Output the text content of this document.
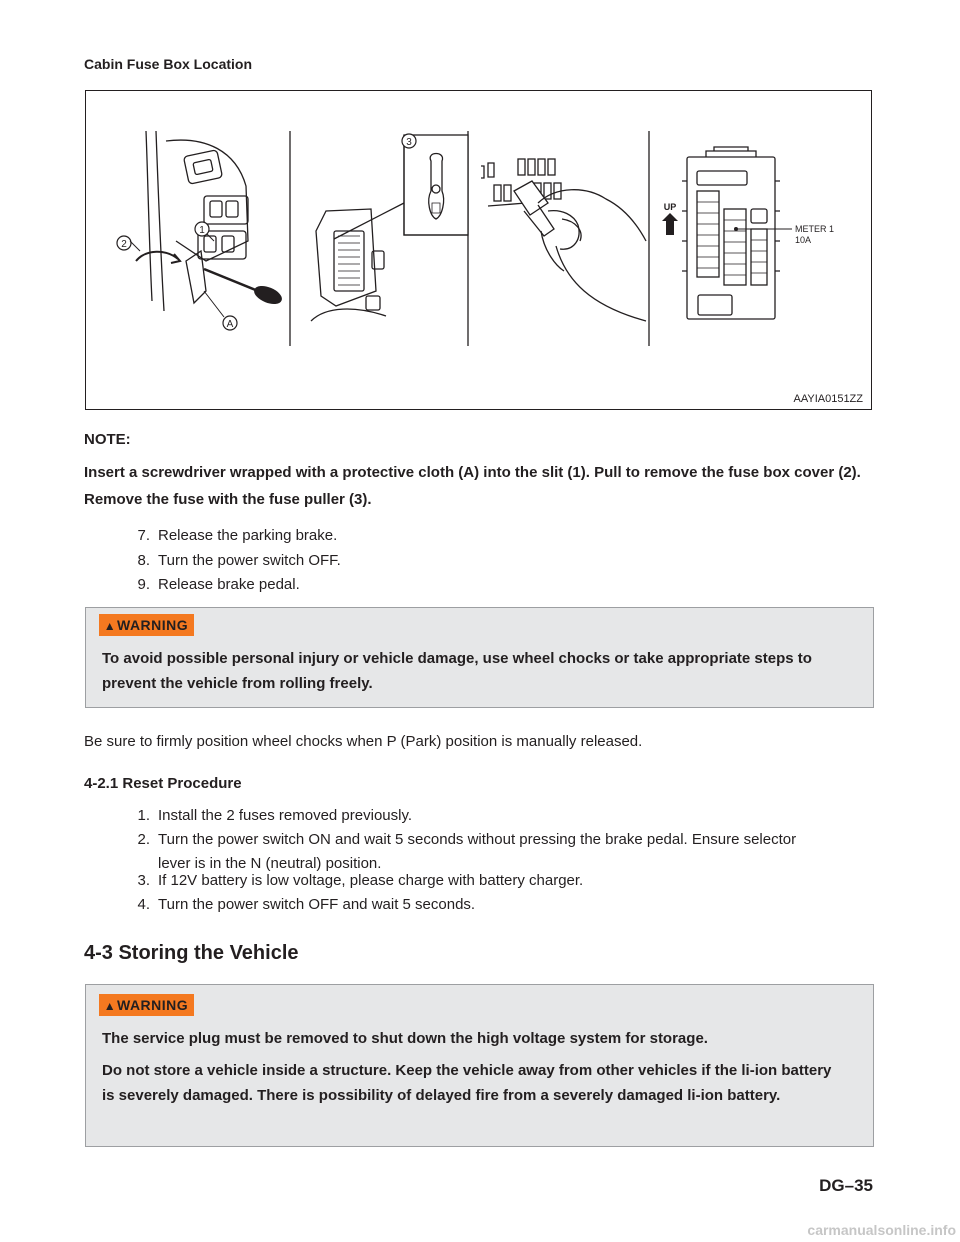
Cabin Fuse Box Location
1
2
A
3
UP
METER 1
10A
AAYIA0151ZZ
NOTE:
Insert a screwdriver wrapped with a protective cloth (A) into the slit (1). Pull to remove the fuse box cover (2). Remove the fuse with the fuse puller (3).
7. Release the parking brake.
8. Turn the power switch OFF.
9. Release brake pedal.
▲WARNING
To avoid possible personal injury or vehicle damage, use wheel chocks or take appropriate steps to prevent the vehicle from rolling freely.
Be sure to firmly position wheel chocks when P (Park) position is manually released.
4-2.1 Reset Procedure
1. Install the 2 fuses removed previously.
2. Turn the power switch ON and wait 5 seconds without pressing the brake pedal. Ensure selector
lever is in the N (neutral) position.
3. If 12V battery is low voltage, please charge with battery charger.
4. Turn the power switch OFF and wait 5 seconds.
4-3 Storing the Vehicle
▲WARNING
The service plug must be removed to shut down the high voltage system for storage.
Do not store a vehicle inside a structure. Keep the vehicle away from other vehicles if the li-ion battery is severely damaged. There is possibility of delayed fire from a severely damaged li-ion battery.
DG–35
carmanualsonline.info
